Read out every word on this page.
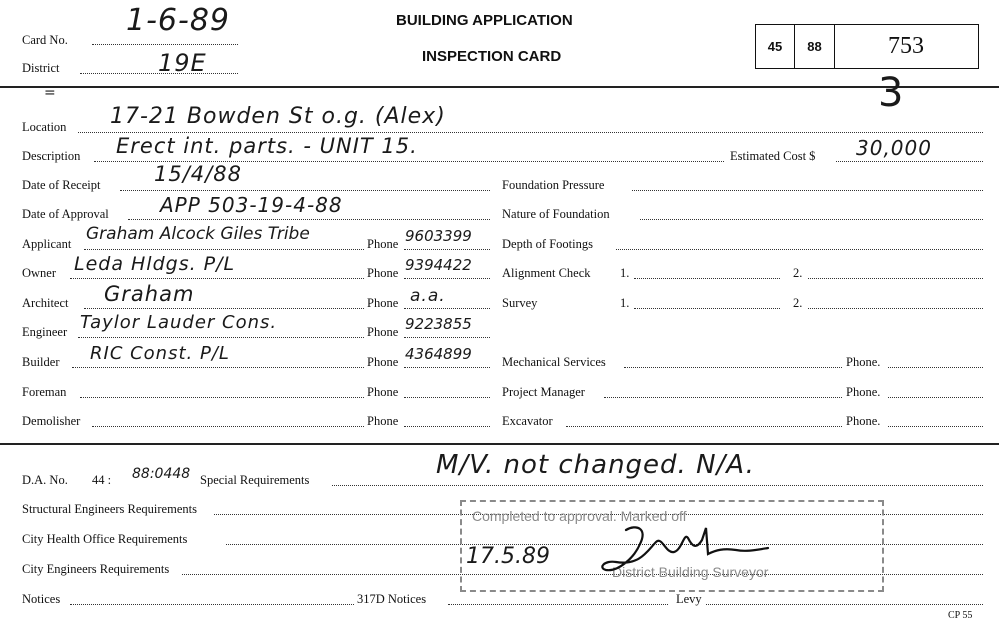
Card No.
1-6-89
District	19E
BUILDING APPLICATION
INSPECTION CARD
45	88	753
=	3
Location 17-21 Bowden St o.g. (Alex)
Description Erect int. parts. - UNIT 15.	Estimated Cost $ 30,000
Date of Receipt	15/4/88
Date of Approval	APP 503-19-4-88
Applicant Graham Alcock Giles Tribe	Phone 9603399
Owner Leda Hldgs. P/L	Phone 9394422
Architect Graham	Phone a.a.
Engineer Taylor Lauder Cons.	Phone 9223855
Builder RIC Const. P/L	Phone 4364899
Foreman	Phone
Demolisher	Phone
Foundation Pressure
Nature of Foundation
Depth of Footings
Alignment Check 1.	2.
Survey	1.	2.
Mechanical Services	Phone.
Project Manager	Phone.
Excavator	Phone.
D.A. No. 44 : 88:0448 Special Requirements	M/V. not changed. N/A.
Structural Engineers Requirements
City Health Office Requirements
City Engineers Requirements
Notices	317D Notices	Levy
CP 55
Completed to approval. Marked off
District Building Surveyor
17.5.89
